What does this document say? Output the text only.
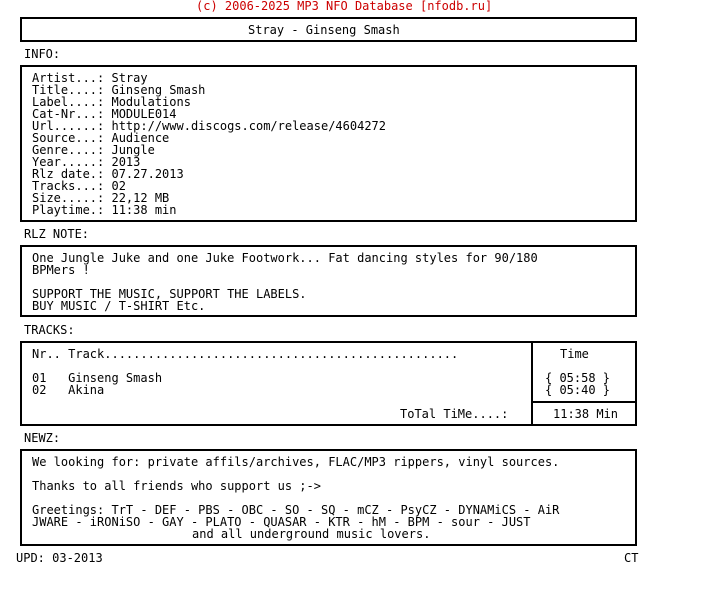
(c) 2006-2025 MP3 NFO Database [nfodb.ru]
Stray - Ginseng Smash
INFO:
Artist...: Stray
Title....: Ginseng Smash
Label....: Modulations
Cat-Nr...: MODULE014
Url......: http://www.discogs.com/release/4604272
Source...: Audience
Genre....: Jungle
Year.....: 2013
Rlz date.: 07.27.2013
Tracks...: 02
Size.....: 22,12 MB
Playtime.: 11:38 min
RLZ NOTE:
One Jungle Juke and one Juke Footwork... Fat dancing styles for 90/180
BPMers !
SUPPORT THE MUSIC, SUPPORT THE LABELS.
BUY MUSIC / T-SHIRT Etc.
TRACKS:
Nr.. Track.................................................	Time
01   Ginseng Smash	{ 05:58 }
02   Akina	{ 05:40 }
ToTal TiMe....:	11:38 Min
NEWZ:
We looking for: private affils/archives, FLAC/MP3 rippers, vinyl sources.
Thanks to all friends who support us ;->
Greetings: TrT - DEF - PBS - OBC - SO - SQ - mCZ - PsyCZ - DYNAMiCS - AiR
JWARE - iRONiSO - GAY - PLATO - QUASAR - KTR - hM - BPM - sour - JUST
and all underground music lovers.
UPD: 03-2013	CT
